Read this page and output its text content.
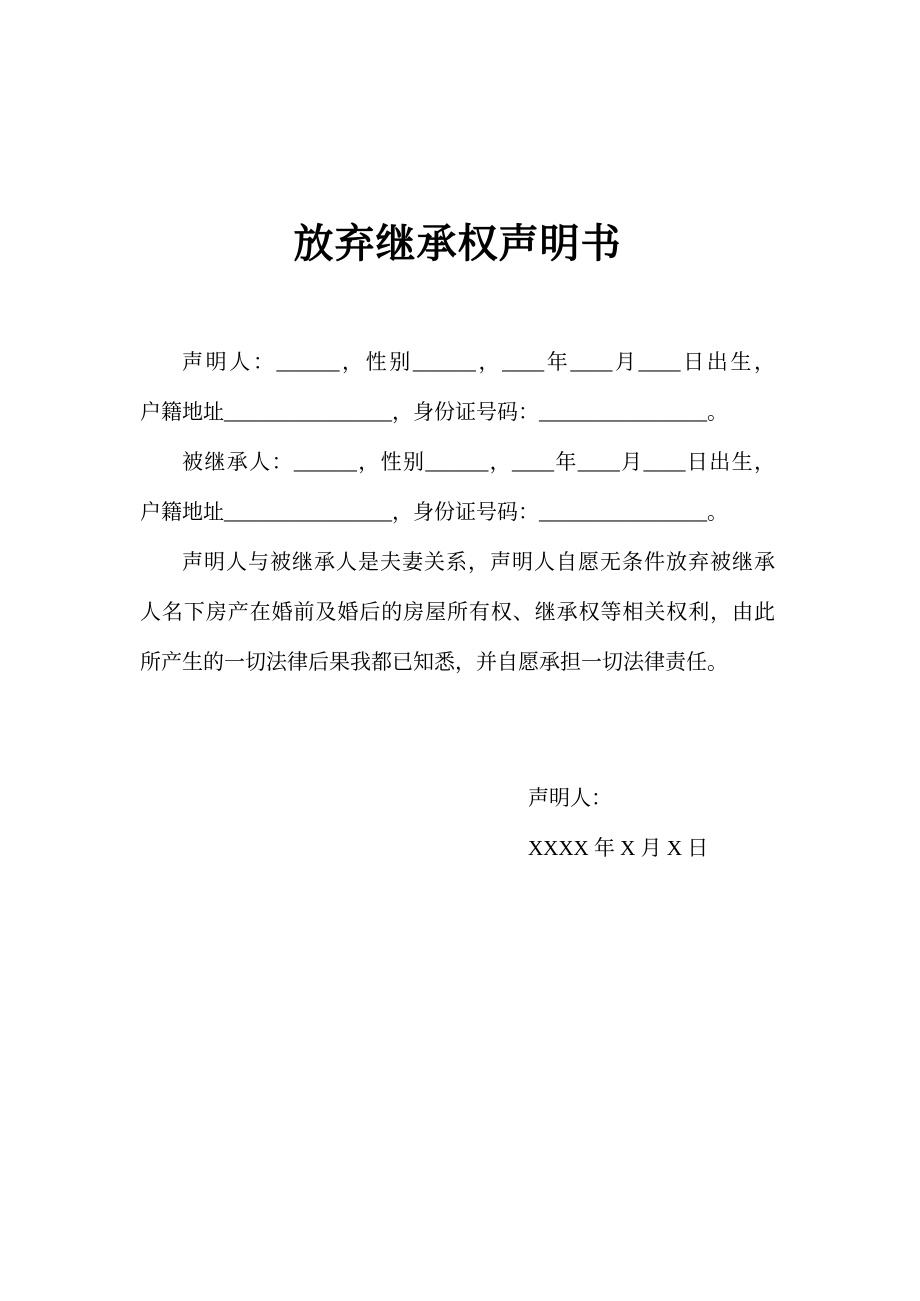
放弃继承权声明书
声明人：______，性别______，____年____月____日出生，
户籍地址________________，身份证号码：________________。
被继承人：______，性别______，____年____月____日出生，
户籍地址________________，身份证号码：________________。
声明人与被继承人是夫妻关系，声明人自愿无条件放弃被继承
人名下房产在婚前及婚后的房屋所有权、继承权等相关权利，由此
所产生的一切法律后果我都已知悉，并自愿承担一切法律责任。
声明人：
XXXX 年 X 月 X 日
